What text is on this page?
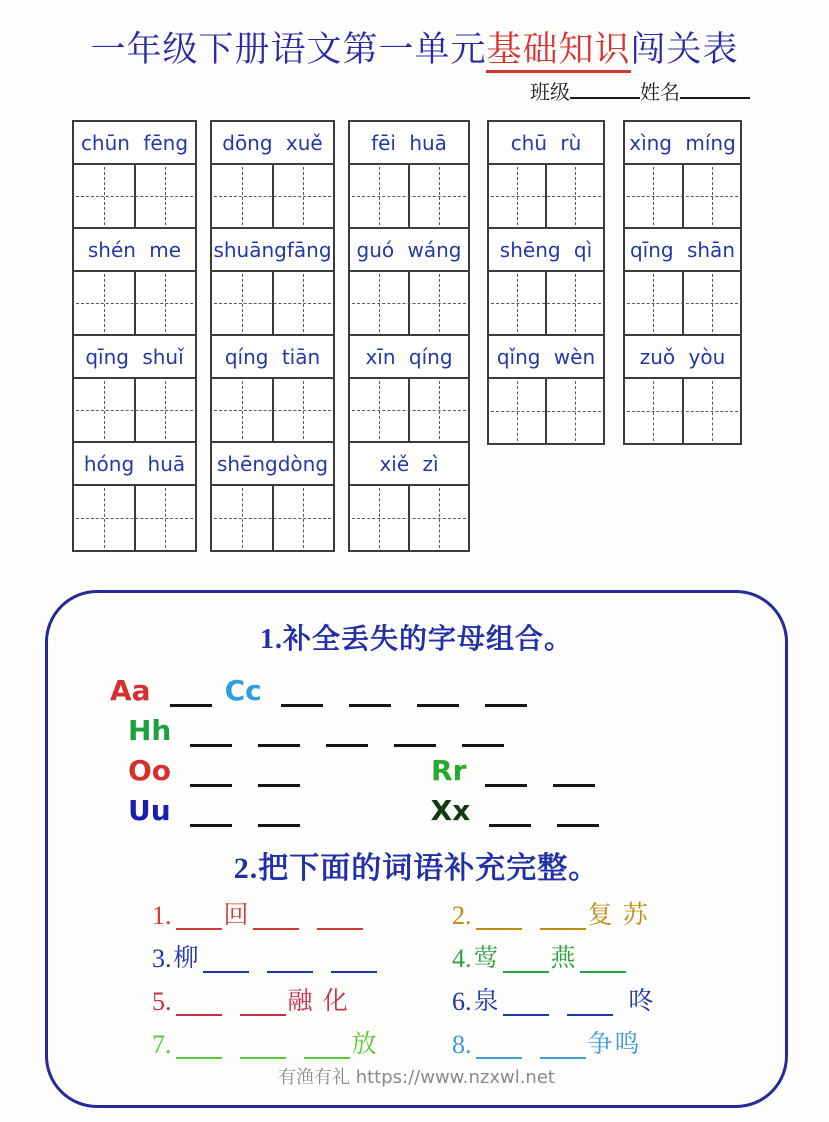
一年级下册语文第一单元基础知识闯关表
班级	姓名
chūn fēng
shén me
qīng shuǐ
hóng huā
dōng xuě
shuāngfāng
qíng tiān
shēngdòng
fēi huā
guó wáng
xīn qíng
xiě zì
chū rù
shēng qì
qǐng wèn
xìng míng
qīng shān
zuǒ yòu
1.补全丢失的字母组合。
Aa	Cc
Hh
Oo	Rr
Uu	Xx
2.把下面的词语补充完整。
1. 回	2.	复 苏
3. 柳	4. 莺 燕
5.	融 化	6. 泉	咚
7.	放	8.	争鸣
有渔有礼 https://www.nzxwl.net
